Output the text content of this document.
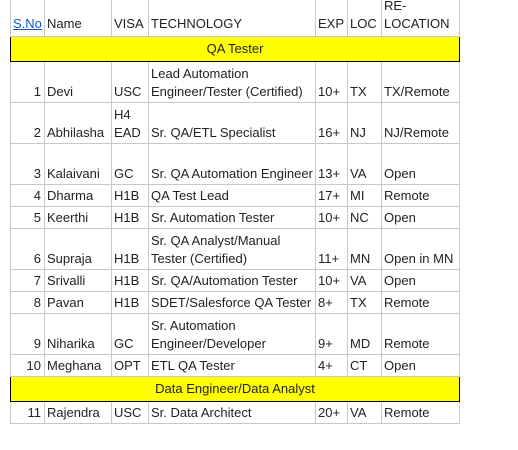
S.No	Name	VISA	TECHNOLOGY	EXP	LOC	RE-LOCATION
QA Tester						
1	Devi	USC	Lead Automation Engineer/Tester (Certified)	10+	TX	TX/Remote
2	Abhilasha	H4 EAD	Sr. QA/ETL Specialist	16+	NJ	NJ/Remote
3	Kalaivani	GC	Sr. QA Automation Engineer	13+	VA	Open
4	Dharma	H1B	QA Test Lead	17+	MI	Remote
5	Keerthi	H1B	Sr. Automation Tester	10+	NC	Open
6	Supraja	H1B	Sr. QA Analyst/Manual Tester (Certified)	11+	MN	Open in MN
7	Srivalli	H1B	Sr. QA/Automation Tester	10+	VA	Open
8	Pavan	H1B	SDET/Salesforce QA Tester	8+	TX	Remote
9	Niharika	GC	Sr. Automation Engineer/Developer	9+	MD	Remote
10	Meghana	OPT	ETL QA Tester	4+	CT	Open
Data Engineer/Data Analyst						
11	Rajendra	USC	Sr. Data Architect	20+	VA	Remote
